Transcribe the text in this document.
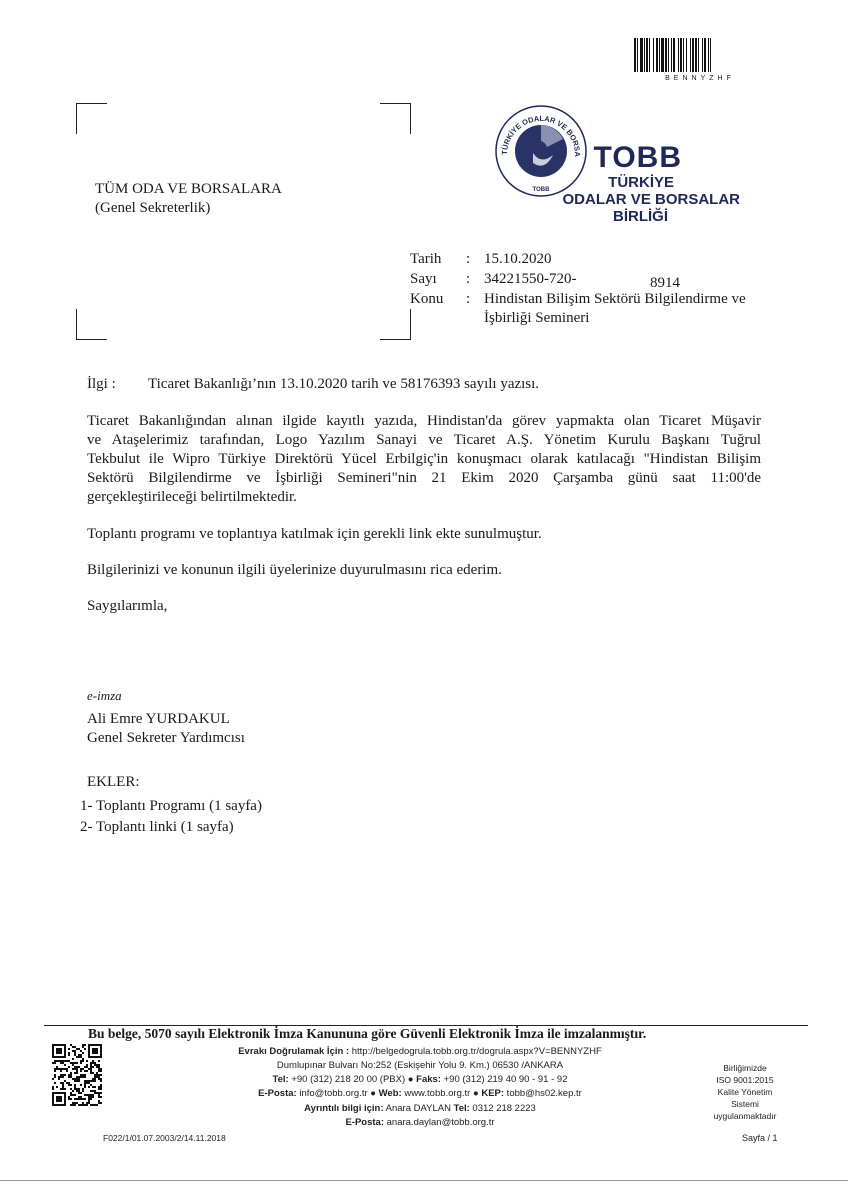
BENNYZHF
TÜM ODA VE BORSALARA
(Genel Sekreterlik)
TÜRKİYE ODALAR VE BORSA
TOBB
TOBB
TÜRKİYE
ODALAR VE BORSALAR
BİRLİĞİ
Tarih : 15.10.2020
Sayı : 34221550-720-	8914
Konu : Hindistan Bilişim Sektörü Bilgilendirme ve
İşbirliği Semineri
İlgi : Ticaret Bakanlığı’nın 13.10.2020 tarih ve 58176393 sayılı yazısı.
Ticaret Bakanlığından alınan ilgide kayıtlı yazıda, Hindistan'da görev yapmakta olan Ticaret Müşavir
ve Ataşelerimiz tarafından, Logo Yazılım Sanayi ve Ticaret A.Ş. Yönetim Kurulu Başkanı Tuğrul
Tekbulut ile Wipro Türkiye Direktörü Yücel Erbilgiç'in konuşmacı olarak katılacağı "Hindistan Bilişim
Sektörü Bilgilendirme ve İşbirliği Semineri"nin 21 Ekim 2020 Çarşamba günü saat 11:00'de
gerçekleştirileceği belirtilmektedir.
Toplantı programı ve toplantıya katılmak için gerekli link ekte sunulmuştur.
Bilgilerinizi ve konunun ilgili üyelerinize duyurulmasını rica ederim.
Saygılarımla,
e-imza
Ali Emre YURDAKUL
Genel Sekreter Yardımcısı
EKLER:
1- Toplantı Programı (1 sayfa)
2- Toplantı linki (1 sayfa)
Bu belge, 5070 sayılı Elektronik İmza Kanununa göre Güvenli Elektronik İmza ile imzalanmıştır.
Evrakı Doğrulamak İçin : http://belgedogrula.tobb.org.tr/dogrula.aspx?V=BENNYZHF
Dumlupınar Bulvarı No:252 (Eskişehir Yolu 9. Km.) 06530 /ANKARA
Tel: +90 (312) 218 20 00 (PBX) ● Faks: +90 (312) 219 40 90 - 91 - 92
E-Posta: info@tobb.org.tr ● Web: www.tobb.org.tr ● KEP: tobb@hs02.kep.tr
Ayrıntılı bilgi için: Anara DAYLAN Tel: 0312 218 2223
E-Posta: anara.daylan@tobb.org.tr
Birliğimizde
ISO 9001:2015
Kalite Yönetim
Sistemi
uygulanmaktadır
F022/1/01.07.2003/2/14.11.2018	Sayfa / 1
